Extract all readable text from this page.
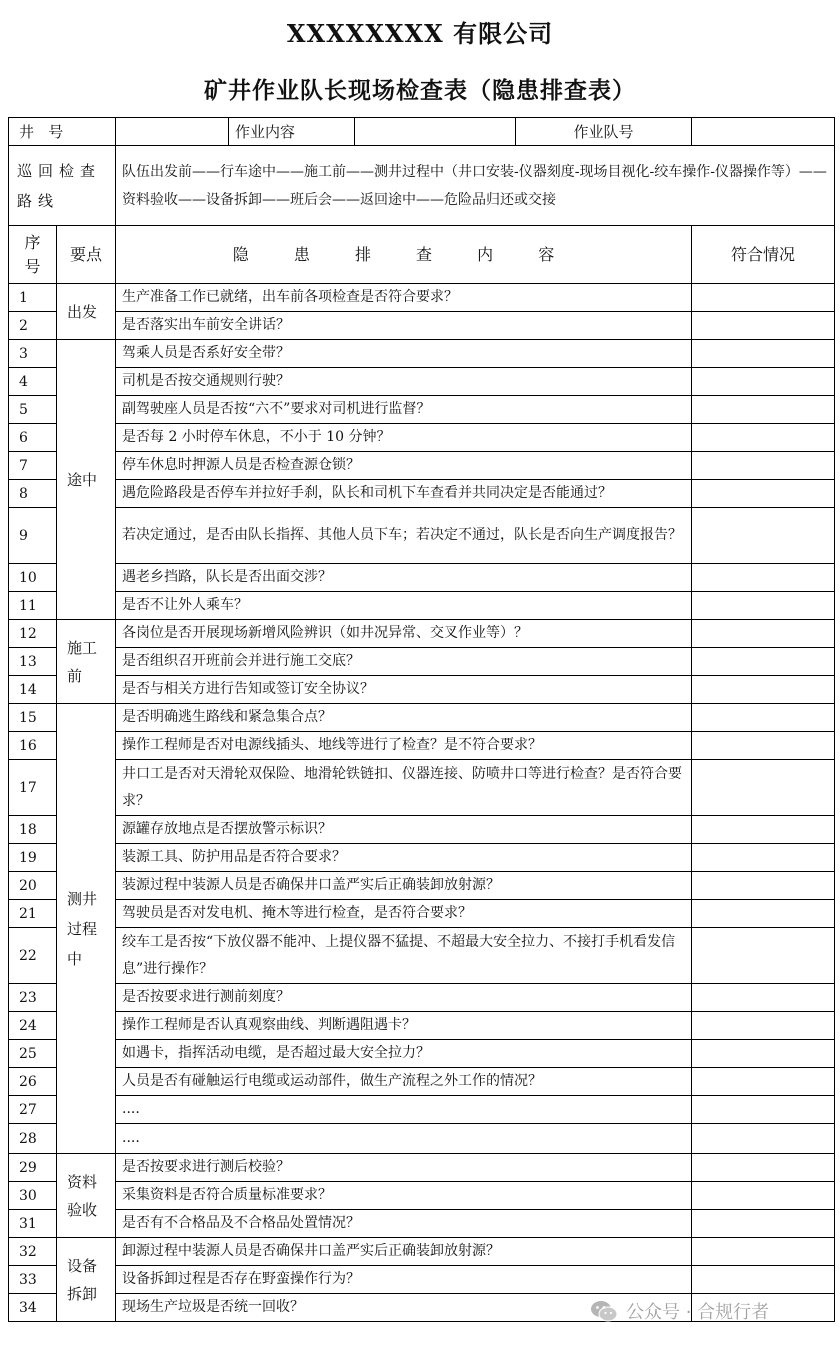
XXXXXXXX 有限公司
矿井作业队长现场检查表（隐患排查表）
井   号			作业内容		作业队号	
巡回检查路线		队伍出发前——行车途中——施工前——测井过程中（井口安装-仪器刻度-现场目视化-绞车操作-仪器操作等）——资料验收——设备拆卸——班后会——返回途中——危险品归还或交接				
序号	要点	隐 患 排 查 内 容				符合情况
1	出发	生产准备工作已就绪，出车前各项检查是否符合要求？				
2		是否落实出车前安全讲话？				
3	途中	驾乘人员是否系好安全带？				
4		司机是否按交通规则行驶？				
5		副驾驶座人员是否按“六不”要求对司机进行监督？				
6		是否每 2 小时停车休息，不小于 10 分钟？				
7		停车休息时押源人员是否检查源仓锁？				
8		遇危险路段是否停车并拉好手刹，队长和司机下车查看并共同决定是否能通过？				
9		若决定通过，是否由队长指挥、其他人员下车；若决定不通过，队长是否向生产调度报告？				
10		遇老乡挡路，队长是否出面交涉？				
11		是否不让外人乘车？				
12	施工前	各岗位是否开展现场新增风险辨识（如井况异常、交叉作业等）？				
13		是否组织召开班前会并进行施工交底？				
14		是否与相关方进行告知或签订安全协议？				
15	测井过程中	是否明确逃生路线和紧急集合点？				
16		操作工程师是否对电源线插头、地线等进行了检查？是不符合要求？				
17		井口工是否对天滑轮双保险、地滑轮铁链扣、仪器连接、防喷井口等进行检查？是否符合要求？				
18		源罐存放地点是否摆放警示标识？				
19		装源工具、防护用品是否符合要求？				
20		装源过程中装源人员是否确保井口盖严实后正确装卸放射源？				
21		驾驶员是否对发电机、掩木等进行检查，是否符合要求？				
22		绞车工是否按“下放仪器不能冲、上提仪器不猛提、不超最大安全拉力、不接打手机看发信息”进行操作？				
23		是否按要求进行测前刻度？				
24		操作工程师是否认真观察曲线、判断遇阻遇卡？				
25		如遇卡，指挥活动电缆，是否超过最大安全拉力？				
26		人员是否有碰触运行电缆或运动部件，做生产流程之外工作的情况？				
27		....				
28		....				
29	资料验收	是否按要求进行测后校验？				
30		采集资料是否符合质量标准要求？				
31		是否有不合格品及不合格品处置情况？				
32	设备拆卸	卸源过程中装源人员是否确保井口盖严实后正确装卸放射源？				
33		设备拆卸过程是否存在野蛮操作行为？				
34		现场生产垃圾是否统一回收？					公众号 · 合规行者
